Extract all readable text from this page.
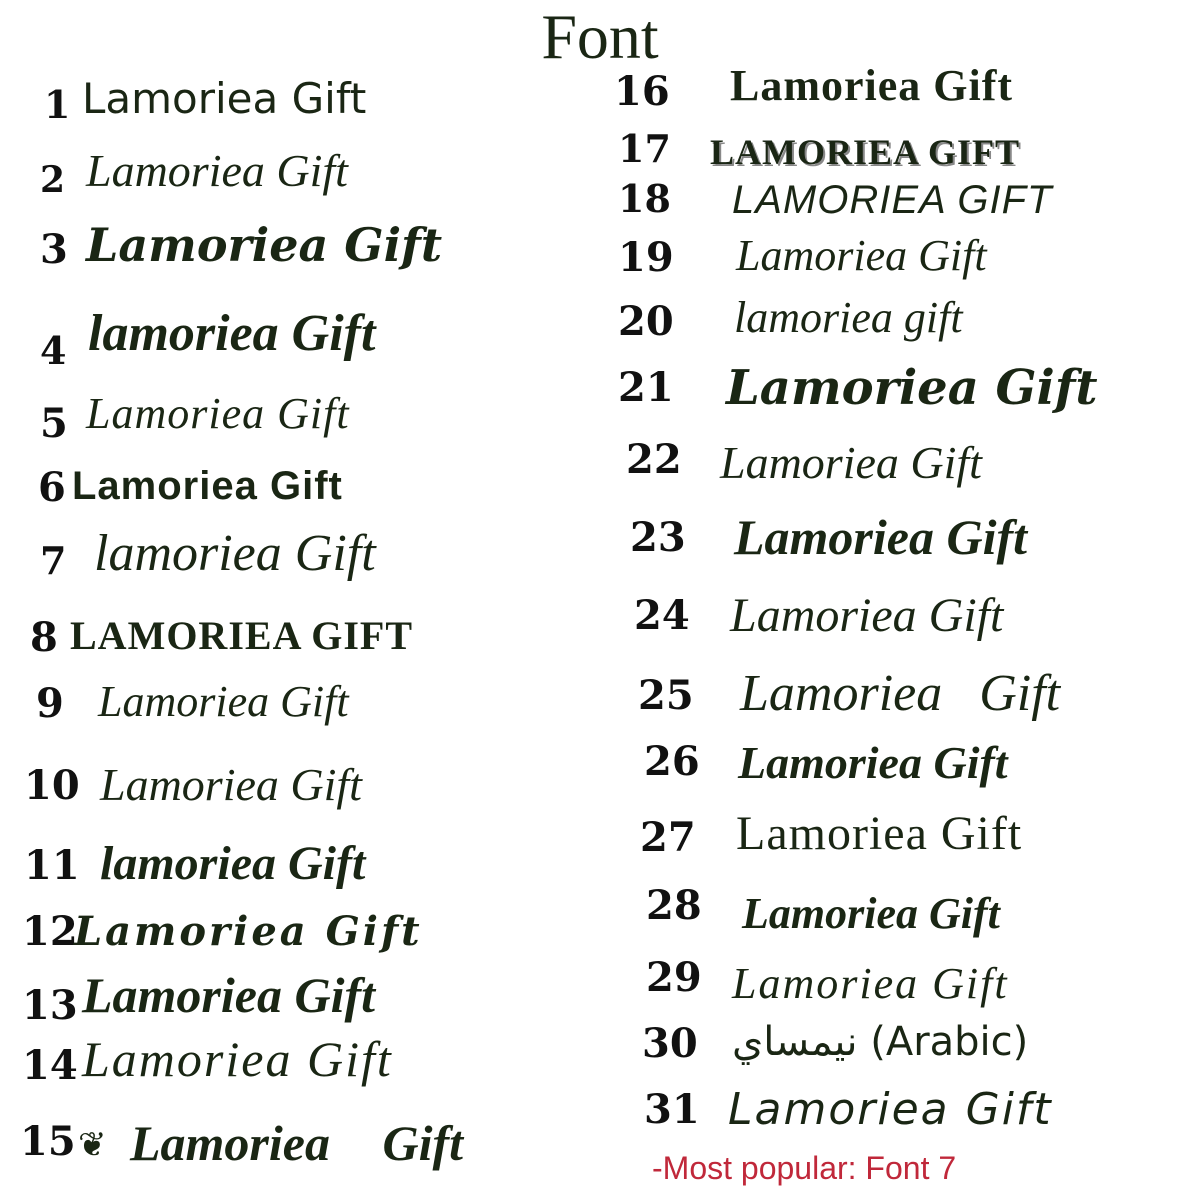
Font
1 Lamoriea Gift
2 Lamoriea Gift
3 Lamoriea Gift
4 lamoriea Gift
5 Lamoriea Gift
6 Lamoriea Gift
7 lamoriea Gift
8 LAMORIEA GIFT
9 Lamoriea Gift
10 Lamoriea Gift
11 lamoriea Gift
12
Lamoriea Gift
13 Lamoriea Gift
14 Lamoriea Gift
15 ❦ Lamoriea Gift
16 Lamoriea Gift
17 LAMORIEA GIFT
18 LAMORIEA GIFT
19 Lamoriea Gift
20 lamoriea gift
21 Lamoriea Gift
22 Lamoriea Gift
23 Lamoriea Gift
24 Lamoriea Gift
25 Lamoriea Gift
26 Lamoriea Gift
27 Lamoriea Gift
28 Lamoriea Gift
29 Lamoriea Gift
30 نيمساي (Arabic)
31 Lamoriea Gift
-Most popular: Font 7
